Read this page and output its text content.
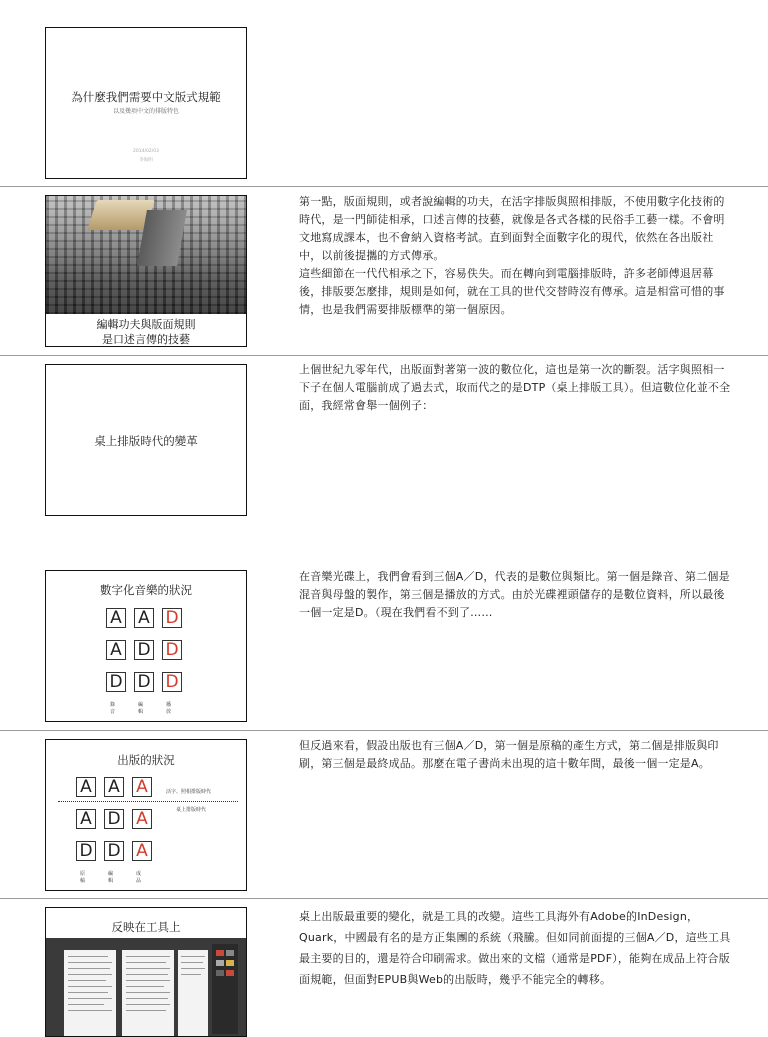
為什麼我們需要中文版式規範
以及幾項中文的排版特色
2014/02/03
李海明
編輯功夫與版面規則
是口述言傳的技藝
桌上排版時代的變革
數字化音樂的狀況
A A D
A D D
D D D
錄音
編輯
播放
出版的狀況
A A A
A D A
D D A
原稿
編輯
成品
活字、照相排版時代
桌上排版時代
反映在工具上

第一點，版面規則，或者說編輯的功夫，在活字排版與照相排版，不使用數字化技術的時代，是一門師徒相承，口述言傳的技藝，就像是各式各樣的民俗手工藝一樣。不會明文地寫成課本，也不會納入資格考試。直到面對全面數字化的現代，依然在各出版社中，以前後提攜的方式傳承。

這些細節在一代代相承之下，容易佚失。而在轉向到電腦排版時，許多老師傅退居幕後，排版要怎麼排，規則是如何，就在工具的世代交替時沒有傳承。這是相當可惜的事情，也是我們需要排版標準的第一個原因。

上個世紀九零年代，出版面對著第一波的數位化，這也是第一次的斷裂。活字與照相一下子在個人電腦前成了過去式，取而代之的是DTP（桌上排版工具）。但這數位化並不全面，我經常會舉一個例子：

在音樂光碟上，我們會看到三個A／D，代表的是數位與類比。第一個是錄音、第二個是混音與母盤的製作，第三個是播放的方式。由於光碟裡頭儲存的是數位資料，所以最後一個一定是D。（現在我們看不到了……

但反過來看，假設出版也有三個A／D，第一個是原稿的產生方式，第二個是排版與印刷，第三個是最終成品。那麼在電子書尚未出現的這十數年間，最後一個一定是A。

桌上出版最重要的變化，就是工具的改變。這些工具海外有Adobe的InDesign，Quark，中國最有名的是方正集團的系統（飛騰。但如同前面提的三個A／D，這些工具最主要的目的，還是符合印刷需求。做出來的文檔（通常是PDF），能夠在成品上符合版面規範，但面對EPUB與Web的出版時，幾乎不能完全的轉移。
